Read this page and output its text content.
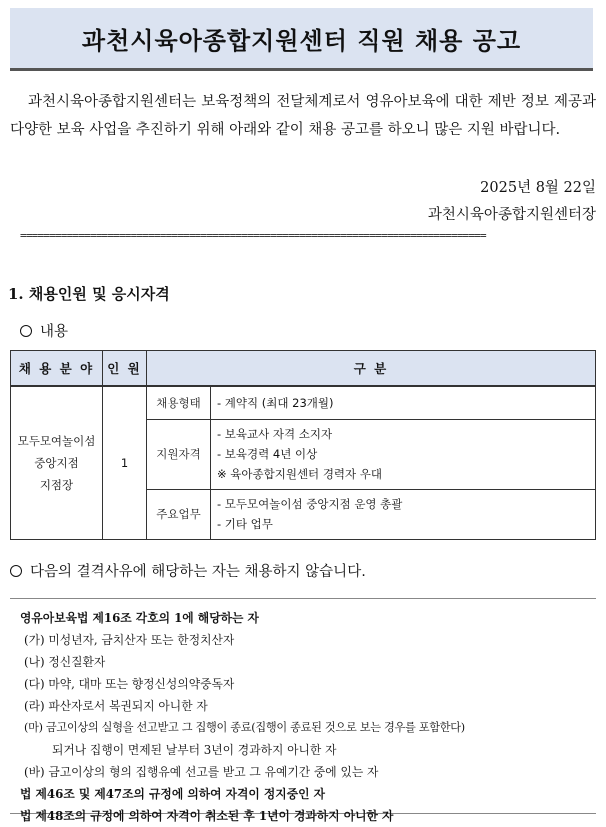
과천시육아종합지원센터 직원 채용 공고
과천시육아종합지원센터는 보육정책의 전달체계로서 영유아보육에 대한 제반 정보 제공과 다양한 보육 사업을 추진하기 위해 아래와 같이 채용 공고를 하오니 많은 지원 바랍니다.
2025년 8월 22일
과천시육아종합지원센터장
================================================================================
1. 채용인원 및 응시자격
내용
채 용 분 야	인 원	구 분	

모두모여놀이섬
중앙지점
지점장	1	채용형태	- 계약직 (최대 23개월)

		지원자격	- 보육교사 자격 소지자
- 보육경력 4년 이상
※ 육아종합지원센터 경력자 우대

		주요업무	- 모두모여놀이섬 중앙지점 운영 총괄
- 기타 업무
다음의 결격사유에 해당하는 자는 채용하지 않습니다.
영유아보육법 제16조 각호의 1에 해당하는 자
(가) 미성년자, 금치산자 또는 한정치산자
(나) 정신질환자
(다) 마약, 대마 또는 향정신성의약중독자
(라) 파산자로서 복권되지 아니한 자
(마) 금고이상의 실형을 선고받고 그 집행이 종료(집행이 종료된 것으로 보는 경우를 포함한다)
되거나 집행이 면제된 날부터 3년이 경과하지 아니한 자
(바) 금고이상의 형의 집행유예 선고를 받고 그 유예기간 중에 있는 자
법 제46조 및 제47조의 규정에 의하여 자격이 정지중인 자
법 제48조의 규정에 의하여 자격이 취소된 후 1년이 경과하지 아니한 자
